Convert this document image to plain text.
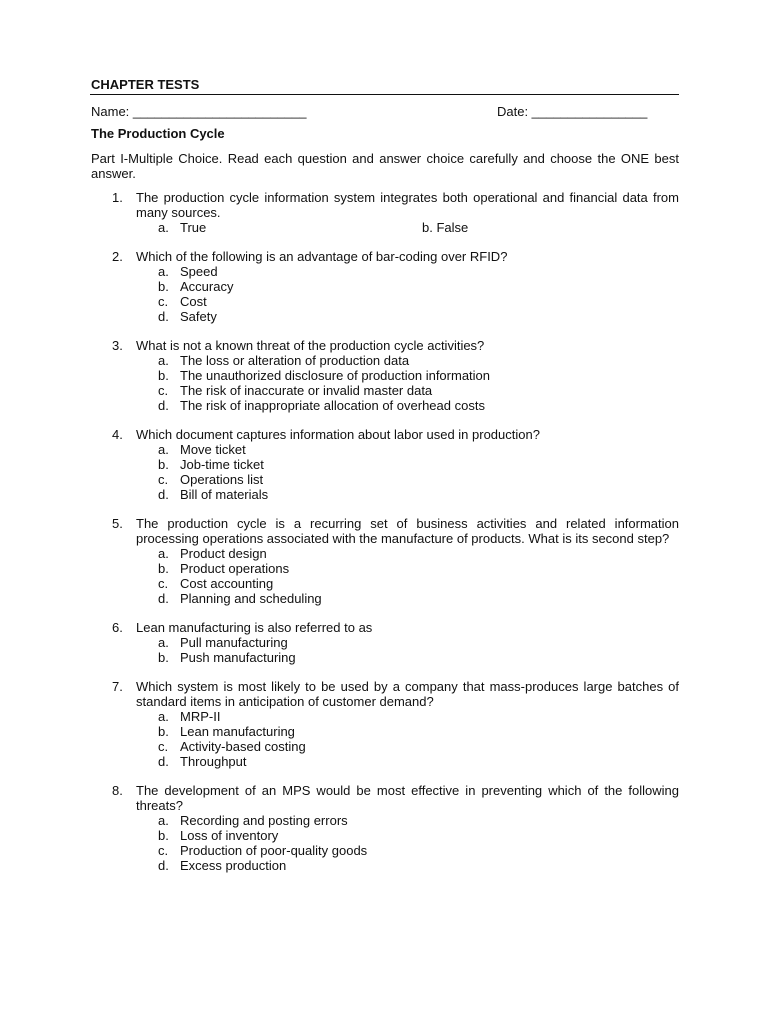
CHAPTER TESTS
Name: ________________________	Date: ________________
The Production Cycle
Part I-Multiple Choice. Read each question and answer choice carefully and choose the ONE best answer.
1. The production cycle information system integrates both operational and financial data from many sources.
a. True	b. False
2. Which of the following is an advantage of bar-coding over RFID?
a. Speed
b. Accuracy
c. Cost
d. Safety
3. What is not a known threat of the production cycle activities?
a. The loss or alteration of production data
b. The unauthorized disclosure of production information
c. The risk of inaccurate or invalid master data
d. The risk of inappropriate allocation of overhead costs
4. Which document captures information about labor used in production?
a. Move ticket
b. Job-time ticket
c. Operations list
d. Bill of materials
5. The production cycle is a recurring set of business activities and related information processing operations associated with the manufacture of products. What is its second step?
a. Product design
b. Product operations
c. Cost accounting
d. Planning and scheduling
6. Lean manufacturing is also referred to as
a. Pull manufacturing
b. Push manufacturing
7. Which system is most likely to be used by a company that mass-produces large batches of standard items in anticipation of customer demand?
a. MRP-II
b. Lean manufacturing
c. Activity-based costing
d. Throughput
8. The development of an MPS would be most effective in preventing which of the following threats?
a. Recording and posting errors
b. Loss of inventory
c. Production of poor-quality goods
d. Excess production
